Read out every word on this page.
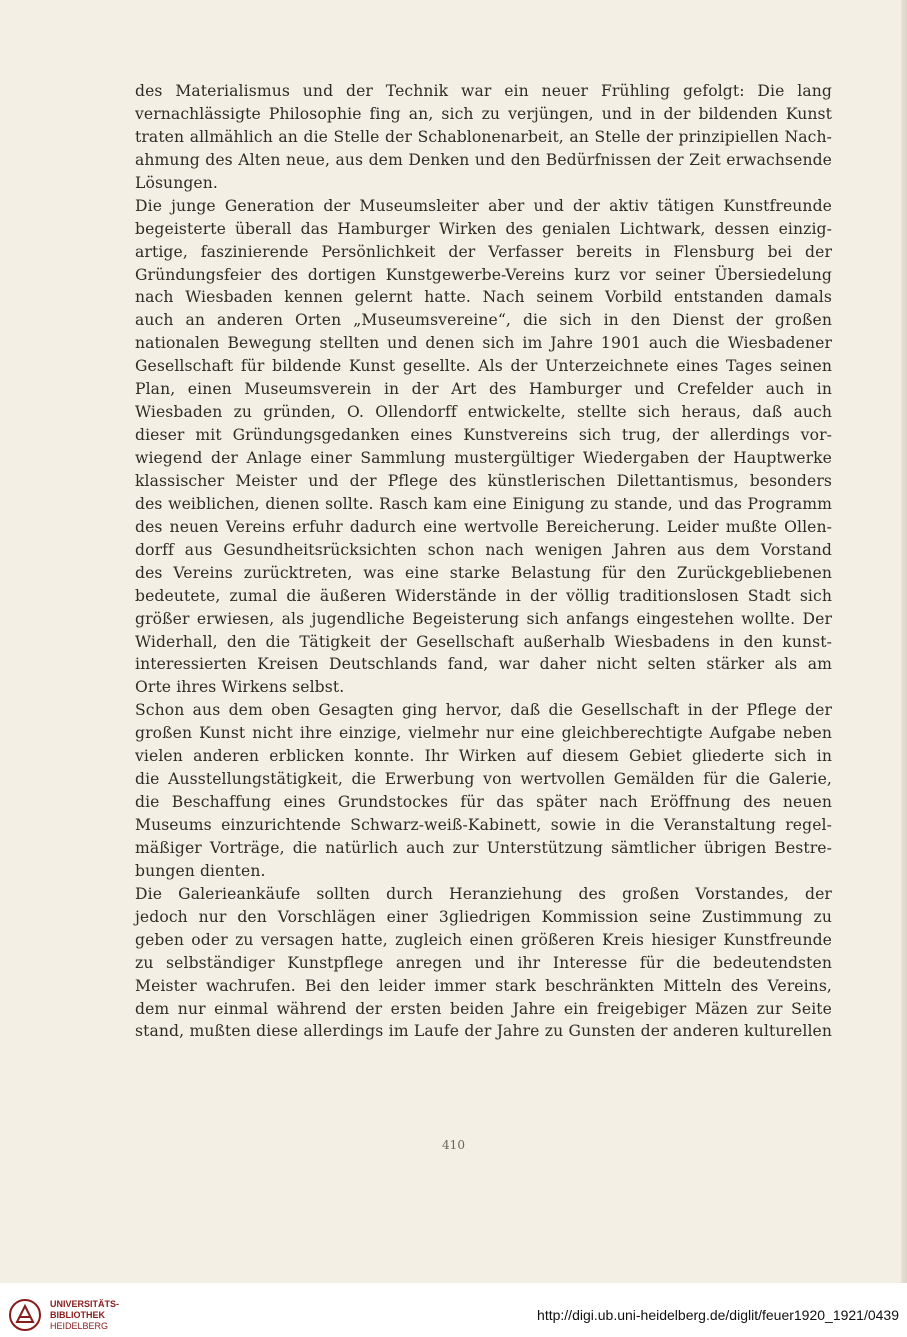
des Materialismus und der Technik war ein neuer Frühling gefolgt: Die lang
vernachlässigte Philosophie fing an, sich zu verjüngen, und in der bildenden Kunst
traten allmählich an die Stelle der Schablonenarbeit, an Stelle der prinzipiellen Nach-
ahmung des Alten neue, aus dem Denken und den Bedürfnissen der Zeit erwachsende
Lösungen.
Die junge Generation der Museumsleiter aber und der aktiv tätigen Kunstfreunde
begeisterte überall das Hamburger Wirken des genialen Lichtwark, dessen einzig-
artige, faszinierende Persönlichkeit der Verfasser bereits in Flensburg bei der
Gründungsfeier des dortigen Kunstgewerbe-Vereins kurz vor seiner Übersiedelung
nach Wiesbaden kennen gelernt hatte. Nach seinem Vorbild entstanden damals
auch an anderen Orten „Museumsvereine“, die sich in den Dienst der großen
nationalen Bewegung stellten und denen sich im Jahre 1901 auch die Wiesbadener
Gesellschaft für bildende Kunst gesellte. Als der Unterzeichnete eines Tages seinen
Plan, einen Museumsverein in der Art des Hamburger und Crefelder auch in
Wiesbaden zu gründen, O. Ollendorff entwickelte, stellte sich heraus, daß auch
dieser mit Gründungsgedanken eines Kunstvereins sich trug, der allerdings vor-
wiegend der Anlage einer Sammlung mustergültiger Wiedergaben der Hauptwerke
klassischer Meister und der Pflege des künstlerischen Dilettantismus, besonders
des weiblichen, dienen sollte. Rasch kam eine Einigung zu stande, und das Programm
des neuen Vereins erfuhr dadurch eine wertvolle Bereicherung. Leider mußte Ollen-
dorff aus Gesundheitsrücksichten schon nach wenigen Jahren aus dem Vorstand
des Vereins zurücktreten, was eine starke Belastung für den Zurückgebliebenen
bedeutete, zumal die äußeren Widerstände in der völlig traditionslosen Stadt sich
größer erwiesen, als jugendliche Begeisterung sich anfangs eingestehen wollte. Der
Widerhall, den die Tätigkeit der Gesellschaft außerhalb Wiesbadens in den kunst-
interessierten Kreisen Deutschlands fand, war daher nicht selten stärker als am
Orte ihres Wirkens selbst.
Schon aus dem oben Gesagten ging hervor, daß die Gesellschaft in der Pflege der
großen Kunst nicht ihre einzige, vielmehr nur eine gleichberechtigte Aufgabe neben
vielen anderen erblicken konnte. Ihr Wirken auf diesem Gebiet gliederte sich in
die Ausstellungstätigkeit, die Erwerbung von wertvollen Gemälden für die Galerie,
die Beschaffung eines Grundstockes für das später nach Eröffnung des neuen
Museums einzurichtende Schwarz-weiß-Kabinett, sowie in die Veranstaltung regel-
mäßiger Vorträge, die natürlich auch zur Unterstützung sämtlicher übrigen Bestre-
bungen dienten.
Die Galerieankäufe sollten durch Heranziehung des großen Vorstandes, der
jedoch nur den Vorschlägen einer 3gliedrigen Kommission seine Zustimmung zu
geben oder zu versagen hatte, zugleich einen größeren Kreis hiesiger Kunstfreunde
zu selbständiger Kunstpflege anregen und ihr Interesse für die bedeutendsten
Meister wachrufen. Bei den leider immer stark beschränkten Mitteln des Vereins,
dem nur einmal während der ersten beiden Jahre ein freigebiger Mäzen zur Seite
stand, mußten diese allerdings im Laufe der Jahre zu Gunsten der anderen kulturellen
410
UNIVERSITÄTS-
BIBLIOTHEK
HEIDELBERG
http://digi.ub.uni-heidelberg.de/diglit/feuer1920_1921/0439
